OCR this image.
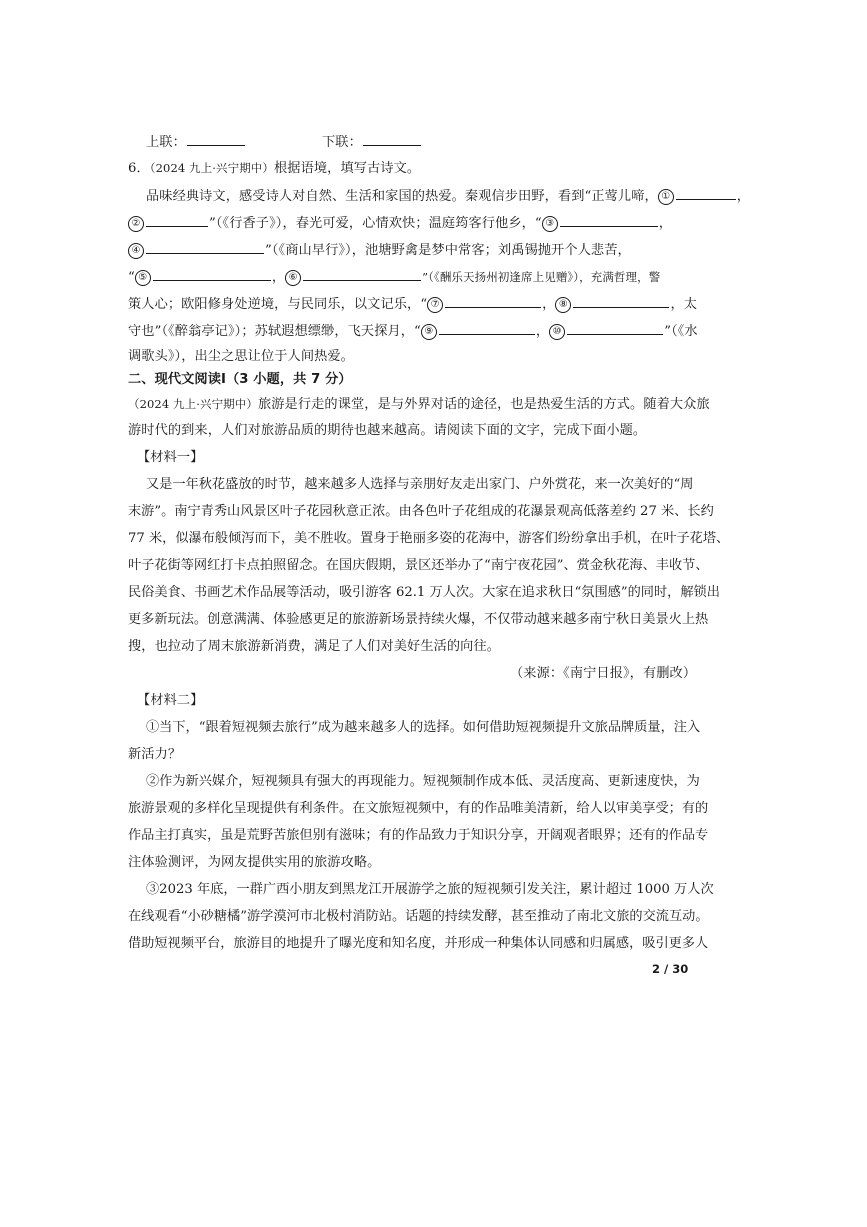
上联：	下联：
6．（2024 九上·兴宁期中）根据语境，填写古诗文。
品味经典诗文，感受诗人对自然、生活和家国的热爱。秦观信步田野，看到“正莺儿啼， ①	，
②	”（《行香子》），春光可爱，心情欢快；温庭筠客行他乡，“ ③	，
④	”（《商山早行》），池塘野禽是梦中常客；刘禹锡抛开个人悲苦，
“ ⑤	， ⑥	”（《酬乐天扬州初逢席上见赠》），充满哲理，警
策人心；欧阳修身处逆境，与民同乐，以文记乐，“ ⑦	， ⑧	，太
守也”（《醉翁亭记》）；苏轼遐想缥缈，飞天探月，“ ⑨	， ⑩	”（《水
调歌头》），出尘之思让位于人间热爱。
二、现代文阅读Ⅰ（3 小题，共 7 分）
（2024 九上·兴宁期中）旅游是行走的课堂，是与外界对话的途径，也是热爱生活的方式。随着大众旅
游时代的到来，人们对旅游品质的期待也越来越高。请阅读下面的文字，完成下面小题。
【材料一】
又是一年秋花盛放的时节，越来越多人选择与亲朋好友走出家门、户外赏花，来一次美好的“周
末游”。南宁青秀山风景区叶子花园秋意正浓。由各色叶子花组成的花瀑景观高低落差约 27 米、长约
77 米，似瀑布般倾泻而下，美不胜收。置身于艳丽多姿的花海中，游客们纷纷拿出手机，在叶子花塔、
叶子花街等网红打卡点拍照留念。在国庆假期，景区还举办了“南宁夜花园”、赏金秋花海、丰收节、
民俗美食、书画艺术作品展等活动，吸引游客 62.1 万人次。大家在追求秋日“氛围感”的同时，解锁出
更多新玩法。创意满满、体验感更足的旅游新场景持续火爆，不仅带动越来越多南宁秋日美景火上热
搜，也拉动了周末旅游新消费，满足了人们对美好生活的向往。
（来源：《南宁日报》，有删改）
【材料二】
①当下，“跟着短视频去旅行”成为越来越多人的选择。如何借助短视频提升文旅品牌质量，注入
新活力？
②作为新兴媒介，短视频具有强大的再现能力。短视频制作成本低、灵活度高、更新速度快，为
旅游景观的多样化呈现提供有利条件。在文旅短视频中，有的作品唯美清新，给人以审美享受；有的
作品主打真实，虽是荒野苦旅但别有滋味；有的作品致力于知识分享，开阔观者眼界；还有的作品专
注体验测评，为网友提供实用的旅游攻略。
③2023 年底，一群广西小朋友到黑龙江开展游学之旅的短视频引发关注，累计超过 1000 万人次
在线观看“小砂糖橘”游学漠河市北极村消防站。话题的持续发酵，甚至推动了南北文旅的交流互动。
借助短视频平台，旅游目的地提升了曝光度和知名度，并形成一种集体认同感和归属感，吸引更多人
2 / 30
